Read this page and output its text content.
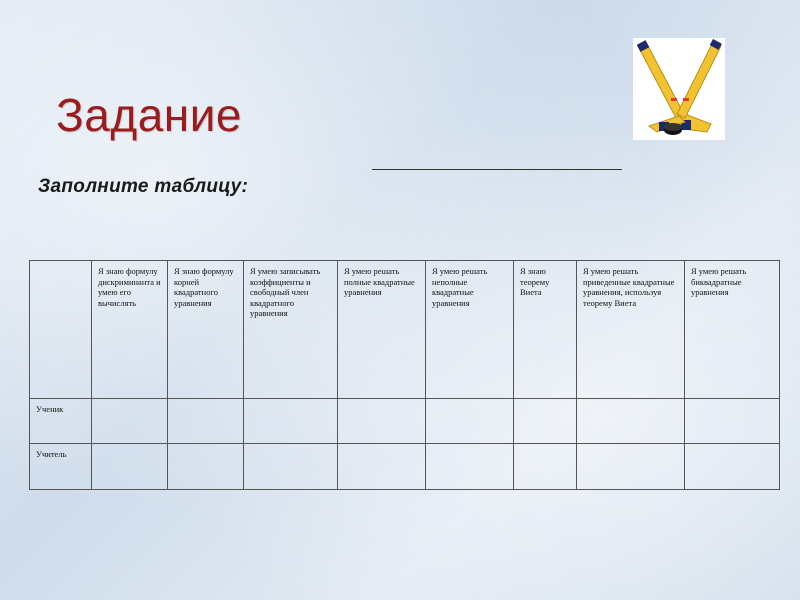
Задание
Заполните таблицу:
	Я знаю формулу дискриминанта и умею его вычислять	Я знаю формулу корней квадратного уравнения	Я умею записывать коэффициенты и свободный член квадратного уравнения	Я умею решать полные квадратные уравнения	Я умею решать неполные квадратные уравнения	Я знаю теорему Виета	Я умею решать приведенные квадратные уравнения, используя теорему Виета	Я умею решать биквадратные уравнения
Ученик								
Учитель								
